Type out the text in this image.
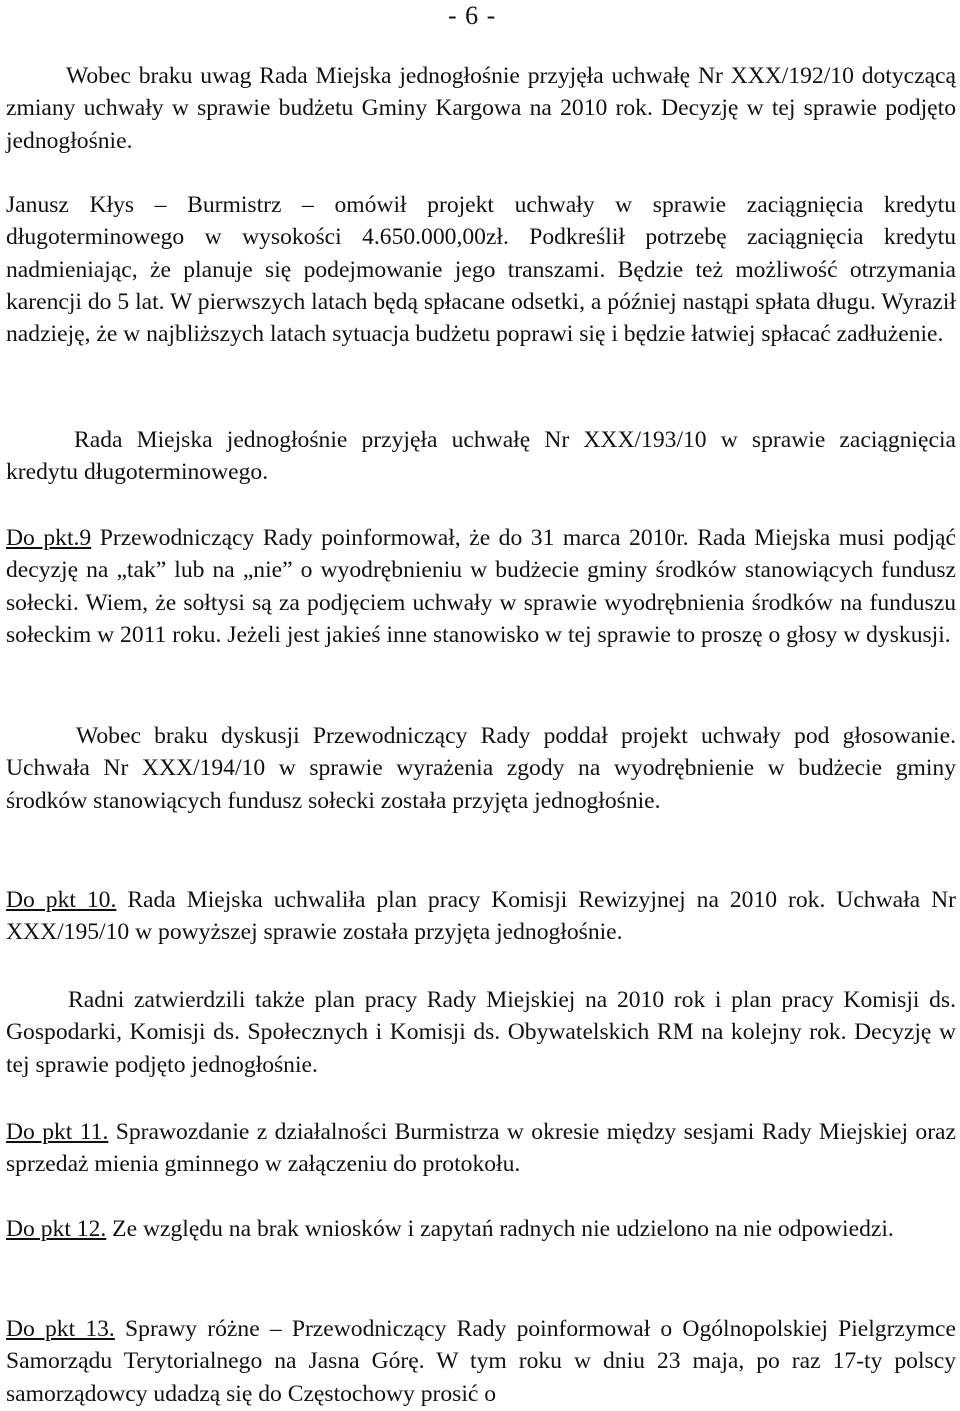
- 6 -
Wobec braku uwag Rada Miejska jednogłośnie przyjęła uchwałę Nr XXX/192/10 dotyczącą zmiany uchwały w sprawie budżetu Gminy Kargowa na 2010 rok. Decyzję w tej sprawie podjęto jednogłośnie.
Janusz Kłys – Burmistrz – omówił projekt uchwały w sprawie zaciągnięcia kredytu długoterminowego w wysokości 4.650.000,00zł. Podkreślił potrzebę zaciągnięcia kredytu nadmieniając, że planuje się podejmowanie jego transzami. Będzie też możliwość otrzymania karencji do 5 lat. W pierwszych latach będą spłacane odsetki, a później nastąpi spłata długu. Wyraził nadzieję, że w najbliższych latach sytuacja budżetu poprawi się i będzie łatwiej spłacać zadłużenie.
Rada Miejska jednogłośnie przyjęła uchwałę Nr XXX/193/10 w sprawie zaciągnięcia kredytu długoterminowego.
Do pkt.9 Przewodniczący Rady poinformował, że do 31 marca 2010r. Rada Miejska musi podjąć decyzję na „tak” lub na „nie” o wyodrębnieniu w budżecie gminy środków stanowiących fundusz sołecki. Wiem, że sołtysi są za podjęciem uchwały w sprawie wyodrębnienia środków na funduszu sołeckim w 2011 roku. Jeżeli jest jakieś inne stanowisko w tej sprawie to proszę o głosy w dyskusji.
Wobec braku dyskusji Przewodniczący Rady poddał projekt uchwały pod głosowanie. Uchwała Nr XXX/194/10 w sprawie wyrażenia zgody na wyodrębnienie w budżecie gminy środków stanowiących fundusz sołecki została przyjęta jednogłośnie.
Do pkt 10. Rada Miejska uchwaliła plan pracy Komisji Rewizyjnej na 2010 rok. Uchwała Nr XXX/195/10 w powyższej sprawie została przyjęta jednogłośnie.
Radni zatwierdzili także plan pracy Rady Miejskiej na 2010 rok i plan pracy Komisji ds. Gospodarki, Komisji ds. Społecznych i Komisji ds. Obywatelskich RM na kolejny rok. Decyzję w tej sprawie podjęto jednogłośnie.
Do pkt 11. Sprawozdanie z działalności Burmistrza w okresie między sesjami Rady Miejskiej oraz sprzedaż mienia gminnego w załączeniu do protokołu.
Do pkt 12. Ze względu na brak wniosków i zapytań radnych nie udzielono na nie odpowiedzi.
Do pkt 13. Sprawy różne – Przewodniczący Rady poinformował o Ogólnopolskiej Pielgrzymce Samorządu Terytorialnego na Jasna Górę. W tym roku w dniu 23 maja, po raz 17-ty polscy samorządowcy udadzą się do Częstochowy prosić o
